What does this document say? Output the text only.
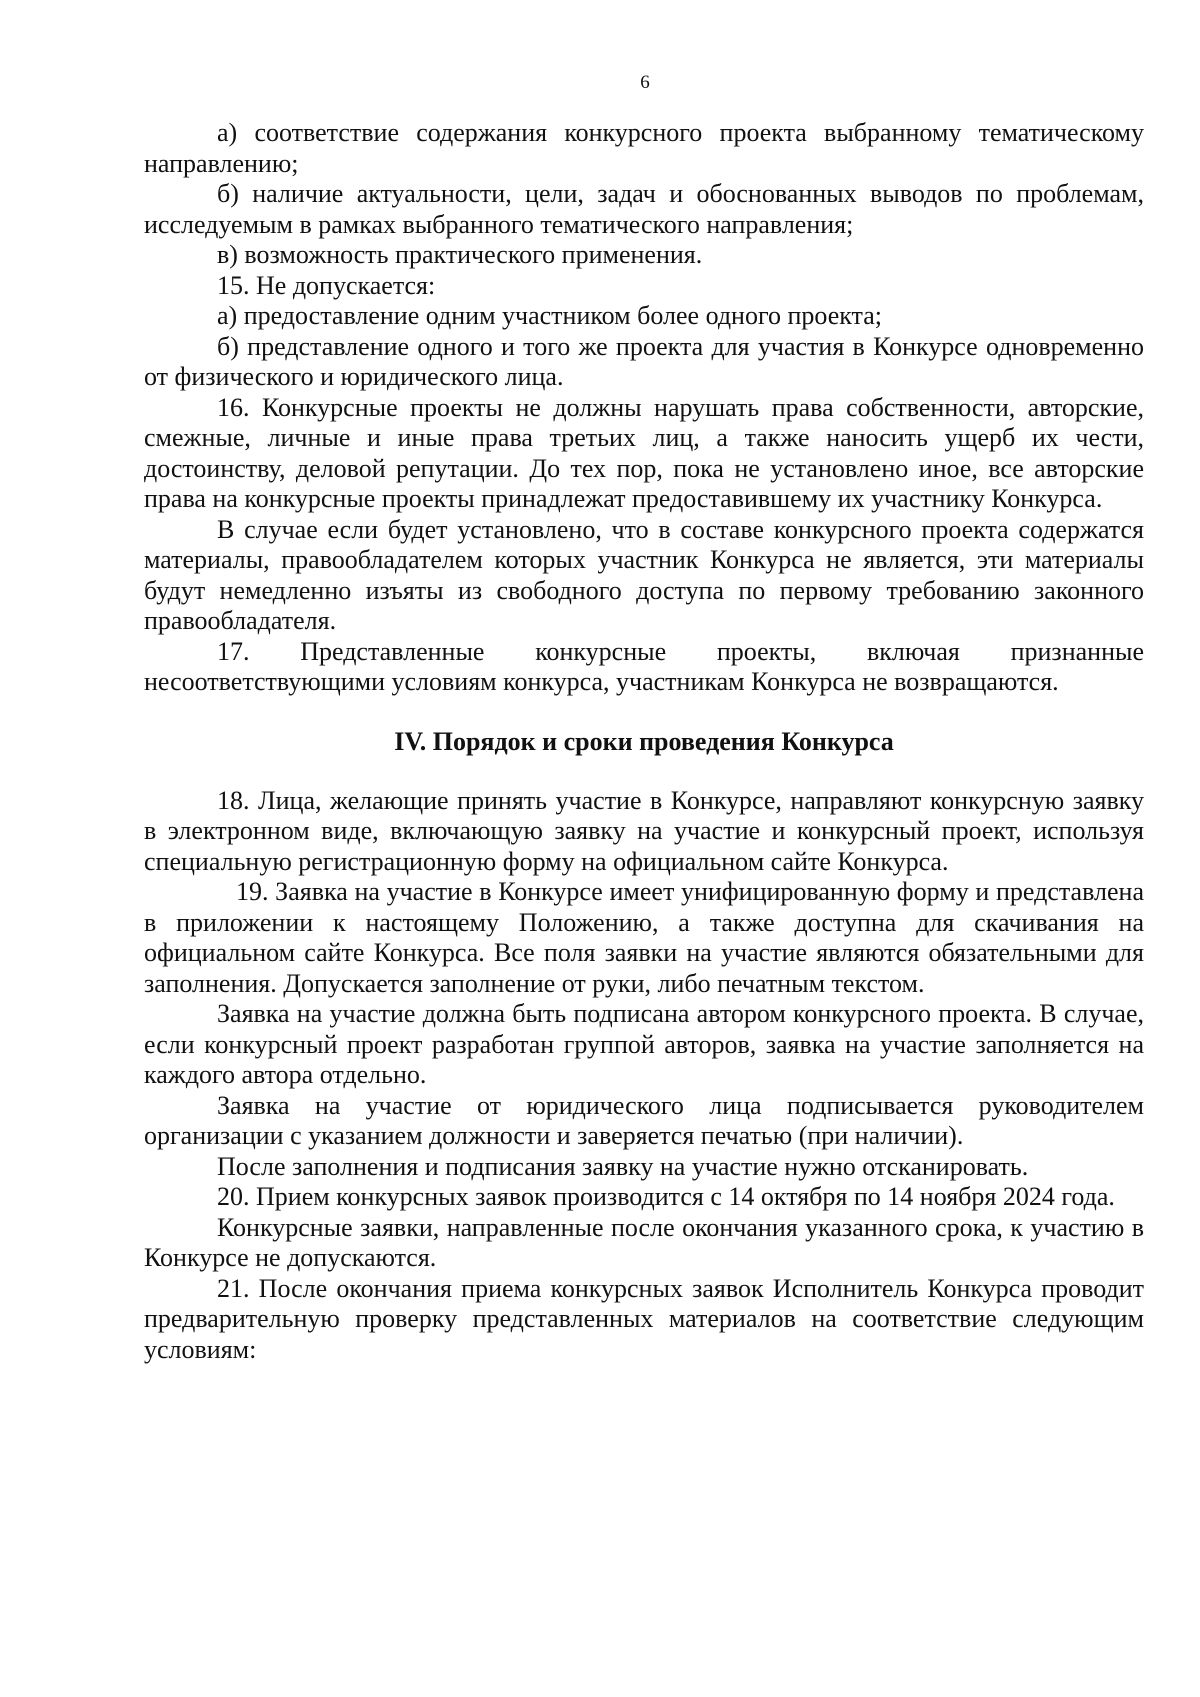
6

а) соответствие содержания конкурсного проекта выбранному тематическому направлению;

б) наличие актуальности, цели, задач и обоснованных выводов по проблемам, исследуемым в рамках выбранного тематического направления;

в) возможность практического применения.

15. Не допускается:

а) предоставление одним участником более одного проекта;

б) представление одного и того же проекта для участия в Конкурсе одновременно от физического и юридического лица.

16. Конкурсные проекты не должны нарушать права собственности, авторские, смежные, личные и иные права третьих лиц, а также наносить ущерб их чести, достоинству, деловой репутации. До тех пор, пока не установлено иное, все авторские права на конкурсные проекты принадлежат предоставившему их участнику Конкурса.

В случае если будет установлено, что в составе конкурсного проекта содержатся материалы, правообладателем которых участник Конкурса не является, эти материалы будут немедленно изъяты из свободного доступа по первому требованию законного правообладателя.

17. Представленные конкурсные проекты, включая признанные несоответствующими условиям конкурса, участникам Конкурса не возвращаются.

IV. Порядок и сроки проведения Конкурса

18. Лица, желающие принять участие в Конкурсе, направляют конкурсную заявку в электронном виде, включающую заявку на участие и конкурсный проект, используя специальную регистрационную форму на официальном сайте Конкурса.

19. Заявка на участие в Конкурсе имеет унифицированную форму и представлена в приложении к настоящему Положению, а также доступна для скачивания на официальном сайте Конкурса. Все поля заявки на участие являются обязательными для заполнения. Допускается заполнение от руки, либо печатным текстом.

Заявка на участие должна быть подписана автором конкурсного проекта. В случае, если конкурсный проект разработан группой авторов, заявка на участие заполняется на каждого автора отдельно.

Заявка на участие от юридического лица подписывается руководителем организации с указанием должности и заверяется печатью (при наличии).

После заполнения и подписания заявку на участие нужно отсканировать.

20. Прием конкурсных заявок производится с 14 октября по 14 ноября 2024 года.

Конкурсные заявки, направленные после окончания указанного срока, к участию в Конкурсе не допускаются.

21. После окончания приема конкурсных заявок Исполнитель Конкурса проводит предварительную проверку представленных материалов на соответствие следующим условиям:
